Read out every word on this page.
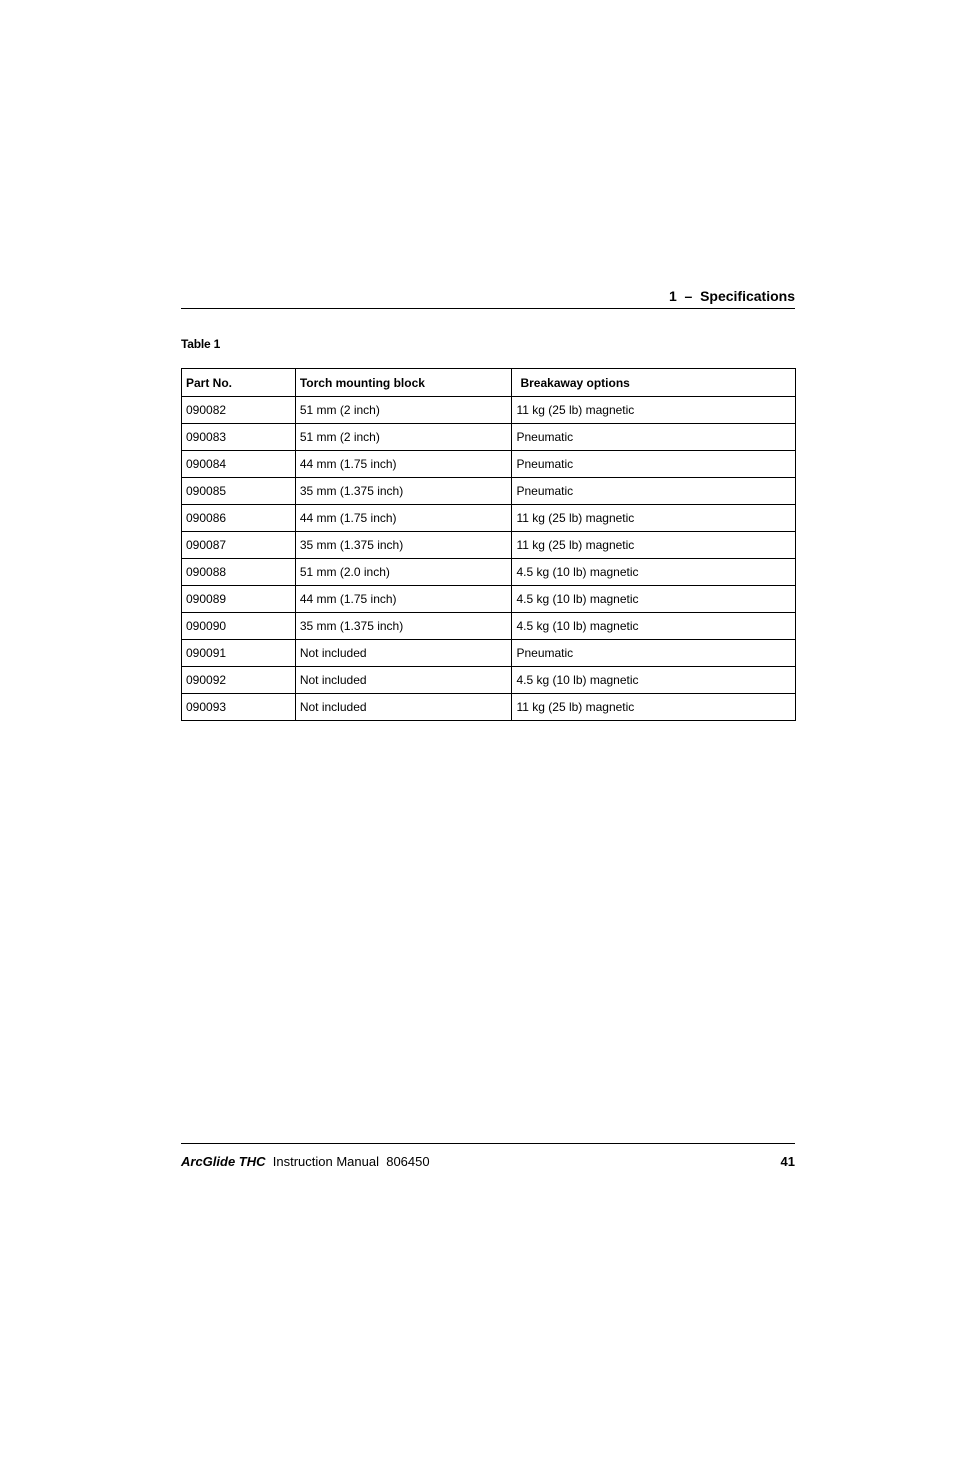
1  –  Specifications
Table 1
Part No.	Torch mounting block	Breakaway options
090082	51 mm (2 inch)	11 kg (25 lb) magnetic
090083	51 mm (2 inch)	Pneumatic
090084	44 mm (1.75 inch)	Pneumatic
090085	35 mm (1.375 inch)	Pneumatic
090086	44 mm (1.75 inch)	11 kg (25 lb) magnetic
090087	35 mm (1.375 inch)	11 kg (25 lb) magnetic
090088	51 mm (2.0 inch)	4.5 kg (10 lb) magnetic
090089	44 mm (1.75 inch)	4.5 kg (10 lb) magnetic
090090	35 mm (1.375 inch)	4.5 kg (10 lb) magnetic
090091	Not included	Pneumatic
090092	Not included	4.5 kg (10 lb) magnetic
090093	Not included	11 kg (25 lb) magnetic
ArcGlide THC Instruction Manual 806450	41
